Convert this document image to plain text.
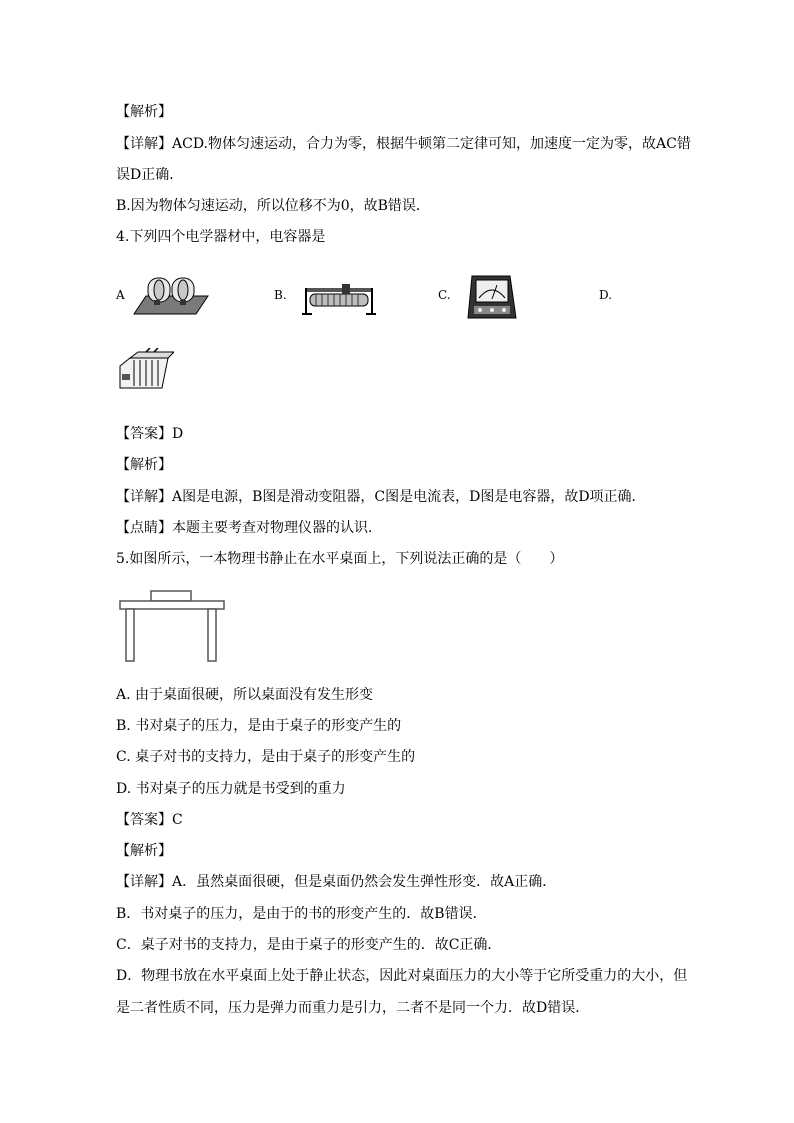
【解析】
【详解】ACD.物体匀速运动，合力为零，根据牛顿第二定律可知，加速度一定为零，故AC错
误D正确．
B.因为物体匀速运动，所以位移不为0，故B错误．
4.下列四个电学器材中，电容器是
A	B.	C.	D.
【答案】D
【解析】
【详解】A图是电源，B图是滑动变阻器，C图是电流表，D图是电容器，故D项正确．
【点睛】本题主要考查对物理仪器的认识．
5.如图所示，一本物理书静止在水平桌面上，下列说法正确的是（　　）
A. 由于桌面很硬，所以桌面没有发生形变
B. 书对桌子的压力，是由于桌子的形变产生的
C. 桌子对书的支持力，是由于桌子的形变产生的
D. 书对桌子的压力就是书受到的重力
【答案】C
【解析】
【详解】A．虽然桌面很硬，但是桌面仍然会发生弹性形变．故A正确．
B．书对桌子的压力，是由于的书的形变产生的．故B错误．
C．桌子对书的支持力，是由于桌子的形变产生的．故C正确．
D．物理书放在水平桌面上处于静止状态，因此对桌面压力的大小等于它所受重力的大小，但
是二者性质不同，压力是弹力而重力是引力，二者不是同一个力．故D错误．
